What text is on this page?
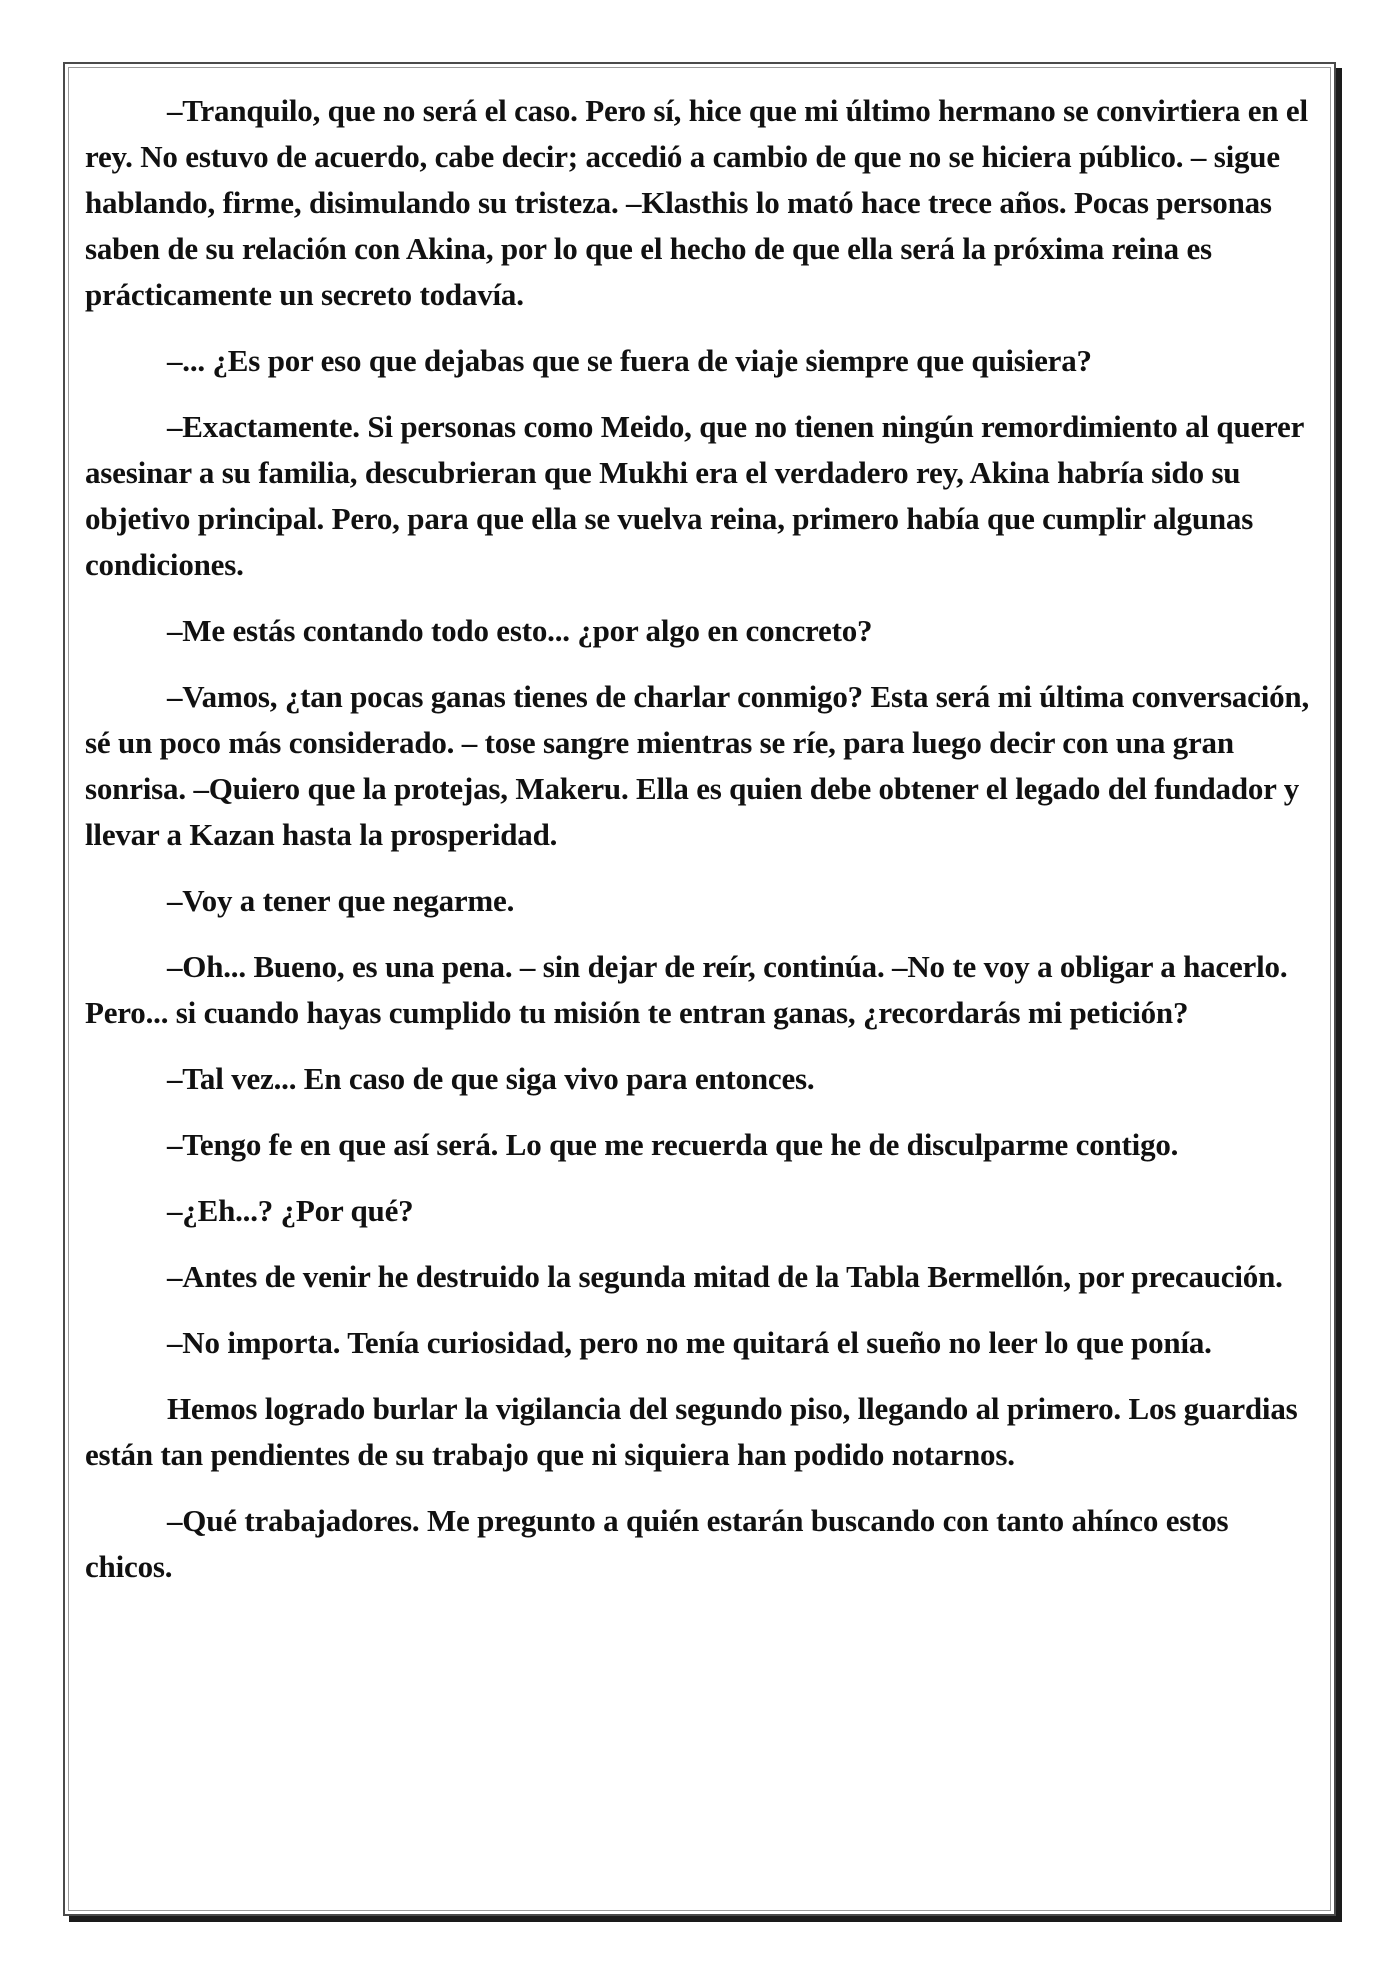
–Tranquilo, que no será el caso. Pero sí, hice que mi último hermano se convirtiera en el rey. No estuvo de acuerdo, cabe decir; accedió a cambio de que no se hiciera público. – sigue hablando, firme, disimulando su tristeza. –Klasthis lo mató hace trece años. Pocas personas saben de su relación con Akina, por lo que el hecho de que ella será la próxima reina es prácticamente un secreto todavía.

–... ¿Es por eso que dejabas que se fuera de viaje siempre que quisiera?

–Exactamente. Si personas como Meido, que no tienen ningún remordimiento al querer asesinar a su familia, descubrieran que Mukhi era el verdadero rey, Akina habría sido su objetivo principal. Pero, para que ella se vuelva reina, primero había que cumplir algunas condiciones.

–Me estás contando todo esto... ¿por algo en concreto?

–Vamos, ¿tan pocas ganas tienes de charlar conmigo? Esta será mi última conversación, sé un poco más considerado. – tose sangre mientras se ríe, para luego decir con una gran sonrisa. –Quiero que la protejas, Makeru. Ella es quien debe obtener el legado del fundador y llevar a Kazan hasta la prosperidad.

–Voy a tener que negarme.

–Oh... Bueno, es una pena. – sin dejar de reír, continúa. –No te voy a obligar a hacerlo. Pero... si cuando hayas cumplido tu misión te entran ganas, ¿recordarás mi petición?

–Tal vez... En caso de que siga vivo para entonces.

–Tengo fe en que así será. Lo que me recuerda que he de disculparme contigo.

–¿Eh...? ¿Por qué?

–Antes de venir he destruido la segunda mitad de la Tabla Bermellón, por precaución.

–No importa. Tenía curiosidad, pero no me quitará el sueño no leer lo que ponía.

Hemos logrado burlar la vigilancia del segundo piso, llegando al primero. Los guardias están tan pendientes de su trabajo que ni siquiera han podido notarnos.

–Qué trabajadores. Me pregunto a quién estarán buscando con tanto ahínco estos chicos.
